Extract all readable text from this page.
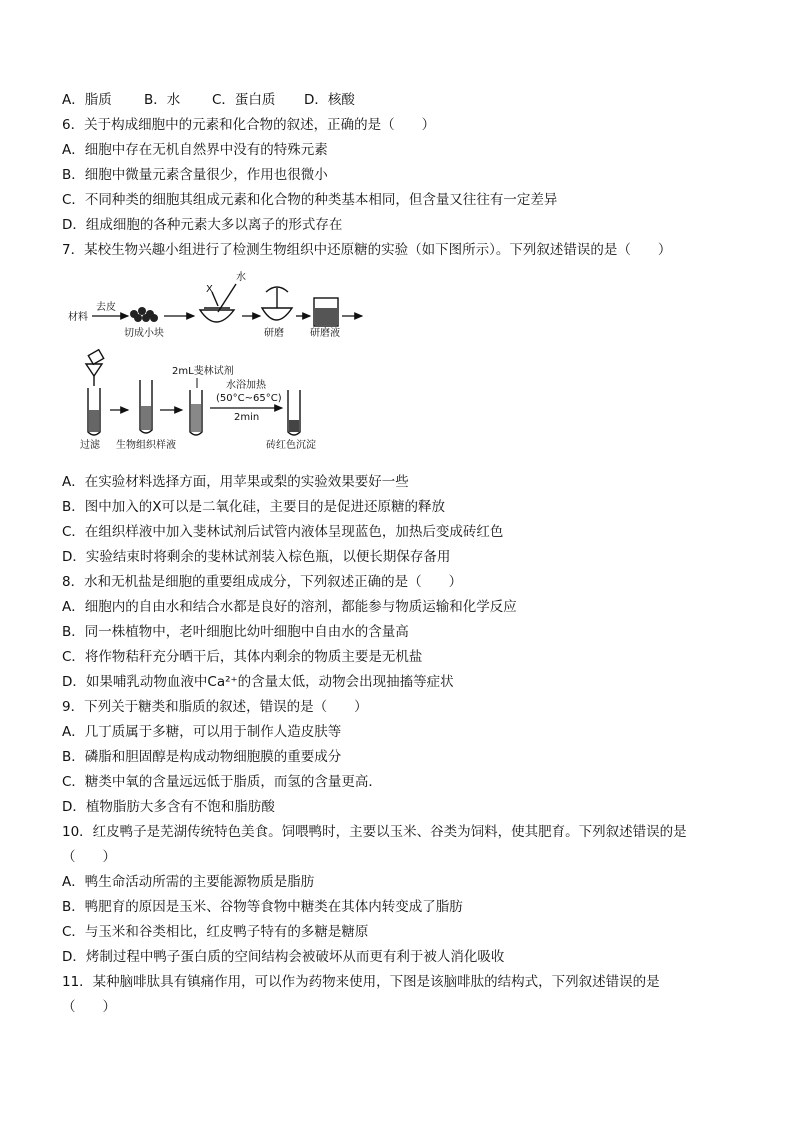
A．脂质 B．水 C．蛋白质 D．核酸
6．关于构成细胞中的元素和化合物的叙述，正确的是（　　）
A．细胞中存在无机自然界中没有的特殊元素
B．细胞中微量元素含量很少，作用也很微小
C．不同种类的细胞其组成元素和化合物的种类基本相同，但含量又往往有一定差异
D．组成细胞的各种元素大多以离子的形式存在
7．某校生物兴趣小组进行了检测生物组织中还原糖的实验（如下图所示）。下列叙述错误的是（　　）
材料
去皮
切成小块
X
水
研磨	研磨液
过滤 生物组织样液
2mL斐林试剂
水浴加热
(50°C~65°C)
2min
砖红色沉淀
A．在实验材料选择方面，用苹果或梨的实验效果要好一些
B．图中加入的X可以是二氧化硅，主要目的是促进还原糖的释放
C．在组织样液中加入斐林试剂后试管内液体呈现蓝色，加热后变成砖红色
D．实验结束时将剩余的斐林试剂装入棕色瓶，以便长期保存备用
8．水和无机盐是细胞的重要组成成分，下列叙述正确的是（　　）
A．细胞内的自由水和结合水都是良好的溶剂，都能参与物质运输和化学反应
B．同一株植物中，老叶细胞比幼叶细胞中自由水的含量高
C．将作物秸秆充分晒干后，其体内剩余的物质主要是无机盐
D．如果哺乳动物血液中Ca²⁺的含量太低，动物会出现抽搐等症状
9．下列关于糖类和脂质的叙述，错误的是（　　）
A．几丁质属于多糖，可以用于制作人造皮肤等
B．磷脂和胆固醇是构成动物细胞膜的重要成分
C．糖类中氧的含量远远低于脂质，而氢的含量更高．
D．植物脂肪大多含有不饱和脂肪酸
10．红皮鸭子是芜湖传统特色美食。饲喂鸭时，主要以玉米、谷类为饲料，使其肥育。下列叙述错误的是
（　　）
A．鸭生命活动所需的主要能源物质是脂肪
B．鸭肥育的原因是玉米、谷物等食物中糖类在其体内转变成了脂肪
C．与玉米和谷类相比，红皮鸭子特有的多糖是糖原
D．烤制过程中鸭子蛋白质的空间结构会被破坏从而更有利于被人消化吸收
11．某种脑啡肽具有镇痛作用，可以作为药物来使用，下图是该脑啡肽的结构式，下列叙述错误的是
（　　）
